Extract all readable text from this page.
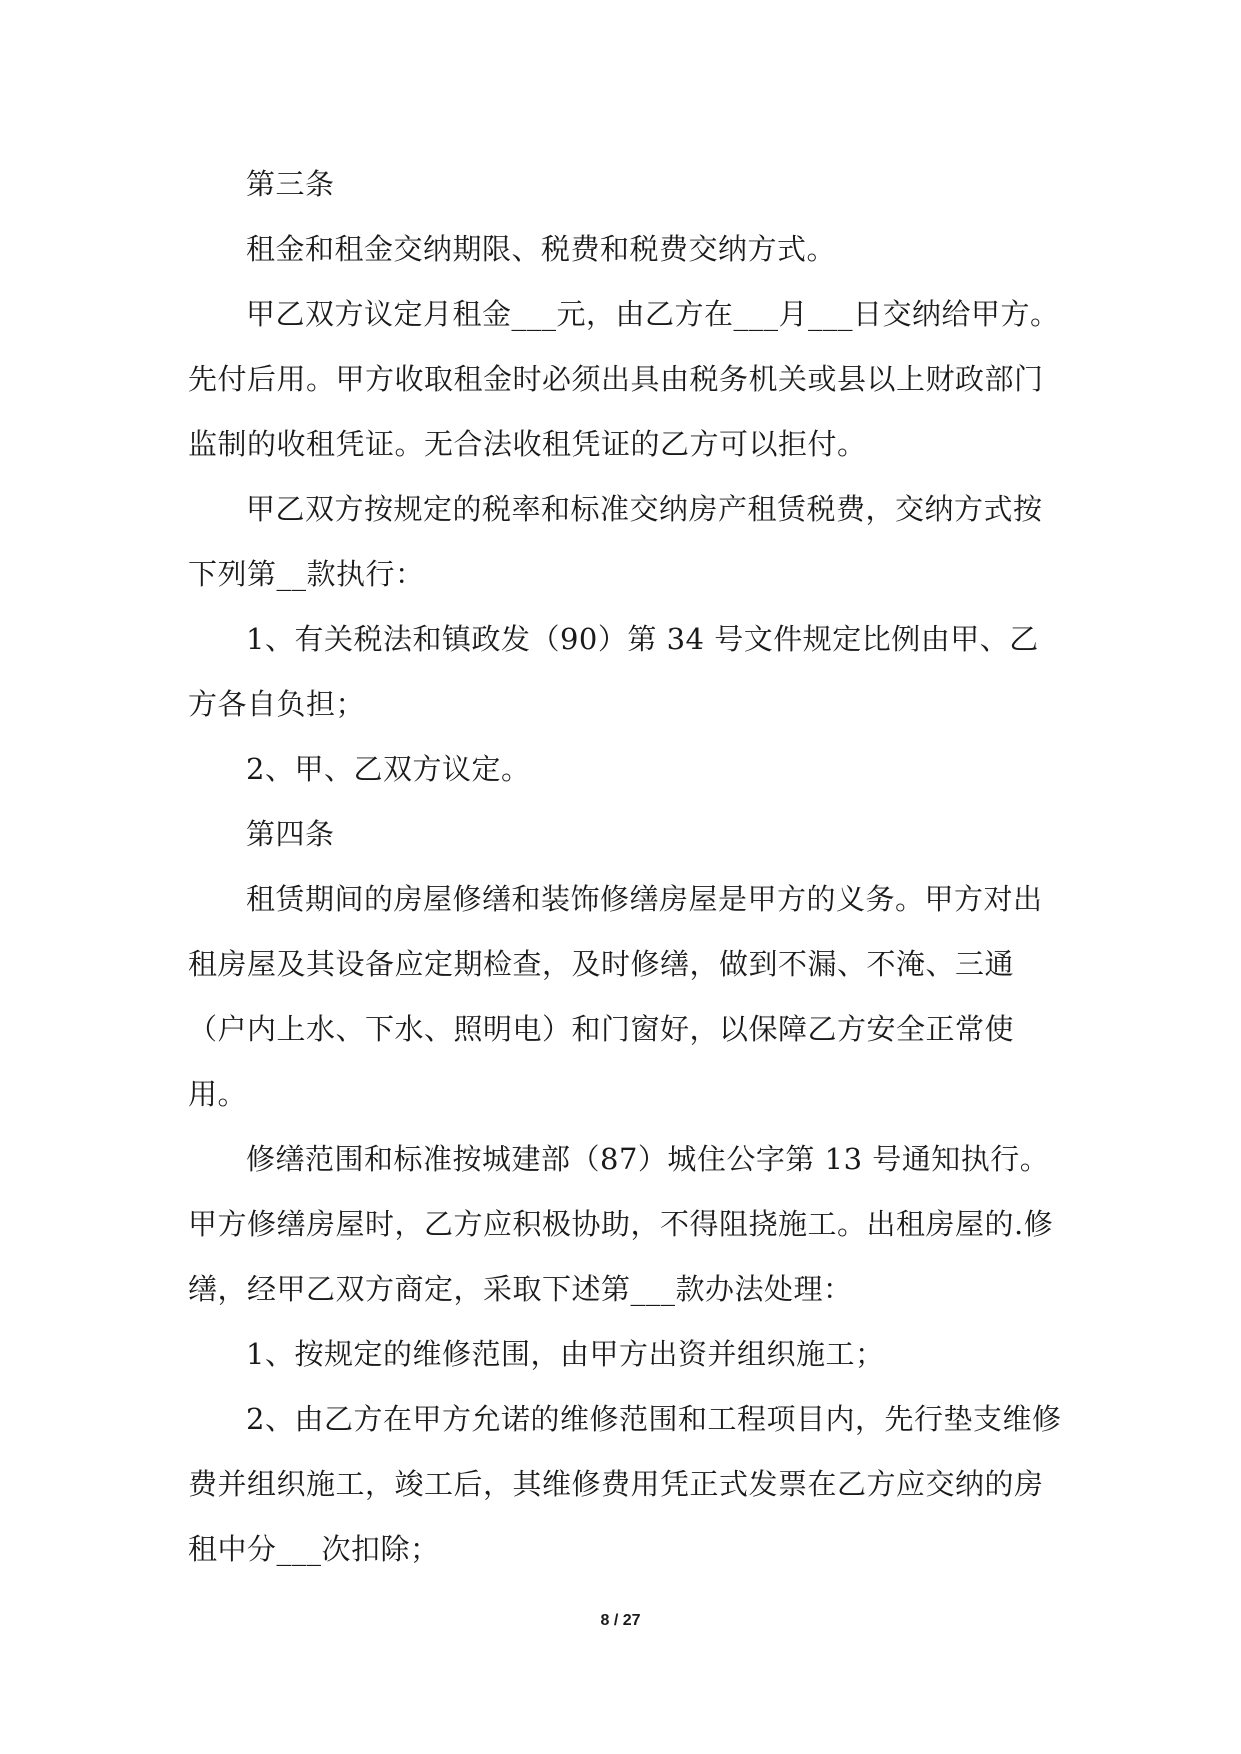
第三条

租金和租金交纳期限、税费和税费交纳方式。

甲乙双方议定月租金___元，由乙方在___月___日交纳给甲方。先付后用。甲方收取租金时必须出具由税务机关或县以上财政部门监制的收租凭证。无合法收租凭证的乙方可以拒付。

甲乙双方按规定的税率和标准交纳房产租赁税费，交纳方式按下列第__款执行：

1、有关税法和镇政发（90）第 34 号文件规定比例由甲、乙方各自负担；

2、甲、乙双方议定。

第四条

租赁期间的房屋修缮和装饰修缮房屋是甲方的义务。甲方对出租房屋及其设备应定期检查，及时修缮，做到不漏、不淹、三通（户内上水、下水、照明电）和门窗好，以保障乙方安全正常使用。

修缮范围和标准按城建部（87）城住公字第 13 号通知执行。甲方修缮房屋时，乙方应积极协助，不得阻挠施工。出租房屋的.修缮，经甲乙双方商定，采取下述第___款办法处理：

1、按规定的维修范围，由甲方出资并组织施工；

2、由乙方在甲方允诺的维修范围和工程项目内，先行垫支维修费并组织施工，竣工后，其维修费用凭正式发票在乙方应交纳的房租中分___次扣除；

8 / 27
